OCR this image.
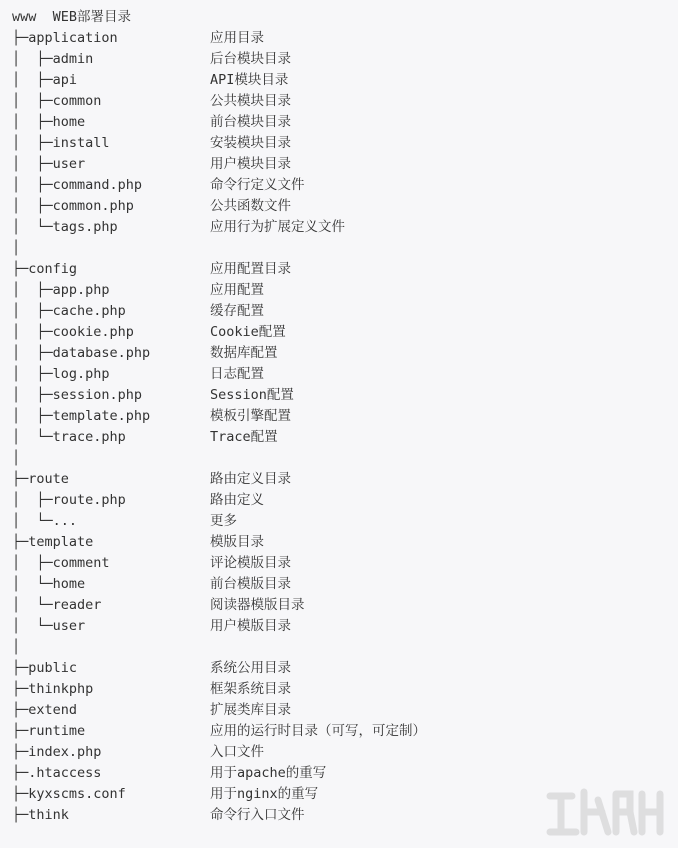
www  WEB部署目录
├─application	应用目录
│  ├─admin	后台模块目录
│  ├─api	API模块目录
│  ├─common	公共模块目录
│  ├─home	前台模块目录
│  ├─install	安装模块目录
│  ├─user	用户模块目录
│  ├─command.php	命令行定义文件
│  ├─common.php	公共函数文件
│  └─tags.php	应用行为扩展定义文件
│
├─config	应用配置目录
│  ├─app.php	应用配置
│  ├─cache.php	缓存配置
│  ├─cookie.php	Cookie配置
│  ├─database.php	数据库配置
│  ├─log.php	日志配置
│  ├─session.php	Session配置
│  ├─template.php	模板引擎配置
│  └─trace.php	Trace配置
│
├─route	路由定义目录
│  ├─route.php	路由定义
│  └─...	更多
├─template	模版目录
│  ├─comment	评论模版目录
│  └─home	前台模版目录
│  └─reader	阅读器模版目录
│  └─user	用户模版目录
│
├─public	系统公用目录
├─thinkphp	框架系统目录
├─extend	扩展类库目录
├─runtime	应用的运行时目录（可写，可定制）
├─index.php	入口文件
├─.htaccess	用于apache的重写
├─kyxscms.conf	用于nginx的重写
├─think	命令行入口文件
